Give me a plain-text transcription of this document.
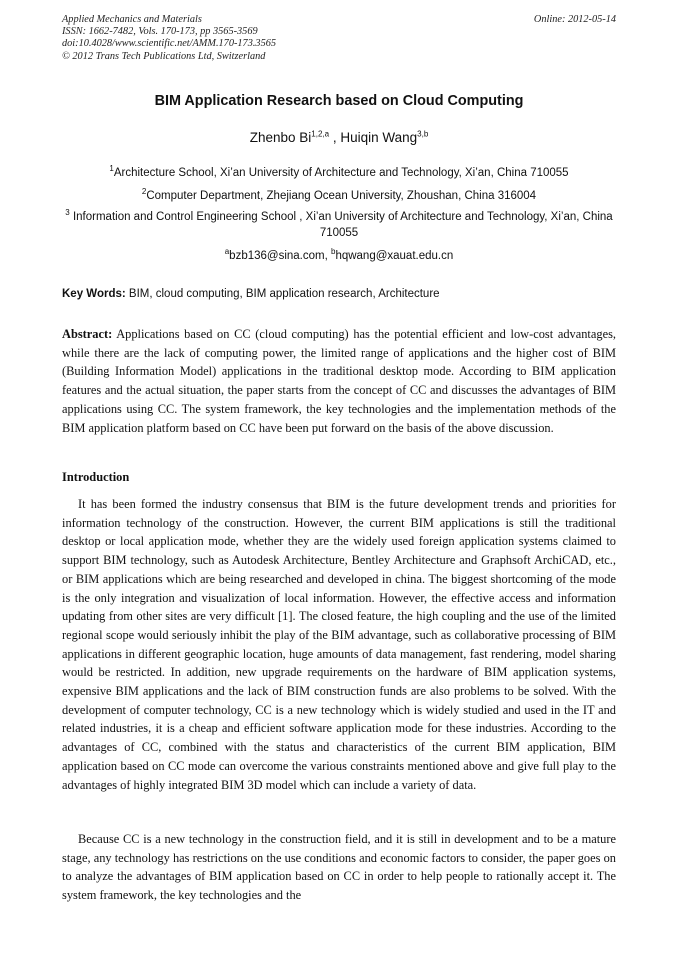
Applied Mechanics and Materials
ISSN: 1662-7482, Vols. 170-173, pp 3565-3569
doi:10.4028/www.scientific.net/AMM.170-173.3565
© 2012 Trans Tech Publications Ltd, Switzerland
Online: 2012-05-14
BIM Application Research based on Cloud Computing
Zhenbo Bi$^{1,2,a}$ , Huiqin Wang$^{3,b}$
$^1$Architecture School, Xi’an University of Architecture and Technology, Xi’an, China 710055
$^2$Computer Department, Zhejiang Ocean University, Zhoushan, China 316004
$^3$ Information and Control Engineering School , Xi’an University of Architecture and Technology, Xi’an, China 710055
$^a$bzb136@sina.com, $^b$hqwang@xauat.edu.cn
Key Words: BIM, cloud computing, BIM application research, Architecture
Abstract: Applications based on CC (cloud computing) has the potential efficient and low-cost advantages, while there are the lack of computing power, the limited range of applications and the higher cost of BIM (Building Information Model) applications in the traditional desktop mode. According to BIM application features and the actual situation, the paper starts from the concept of CC and discusses the advantages of BIM applications using CC. The system framework, the key technologies and the implementation methods of the BIM application platform based on CC have been put forward on the basis of the above discussion.
Introduction
It has been formed the industry consensus that BIM is the future development trends and priorities for information technology of the construction. However, the current BIM applications is still the traditional desktop or local application mode, whether they are the widely used foreign application systems claimed to support BIM technology, such as Autodesk Architecture, Bentley Architecture and Graphsoft ArchiCAD, etc., or BIM applications which are being researched and developed in china. The biggest shortcoming of the mode is the only integration and visualization of local information. However, the effective access and information updating from other sites are very difficult [1]. The closed feature, the high coupling and the use of the limited regional scope would seriously inhibit the play of the BIM advantage, such as collaborative processing of BIM applications in different geographic location, huge amounts of data management, fast rendering, model sharing would be restricted. In addition, new upgrade requirements on the hardware of BIM application systems, expensive BIM applications and the lack of BIM construction funds are also problems to be solved. With the development of computer technology, CC is a new technology which is widely studied and used in the IT and related industries, it is a cheap and efficient software application mode for these industries. According to the advantages of CC, combined with the status and characteristics of the current BIM application, BIM application based on CC mode can overcome the various constraints mentioned above and give full play to the advantages of highly integrated BIM 3D model which can include a variety of data.
Because CC is a new technology in the construction field, and it is still in development and to be a mature stage, any technology has restrictions on the use conditions and economic factors to consider, the paper goes on to analyze the advantages of BIM application based on CC in order to help people to rationally accept it. The system framework, the key technologies and the
